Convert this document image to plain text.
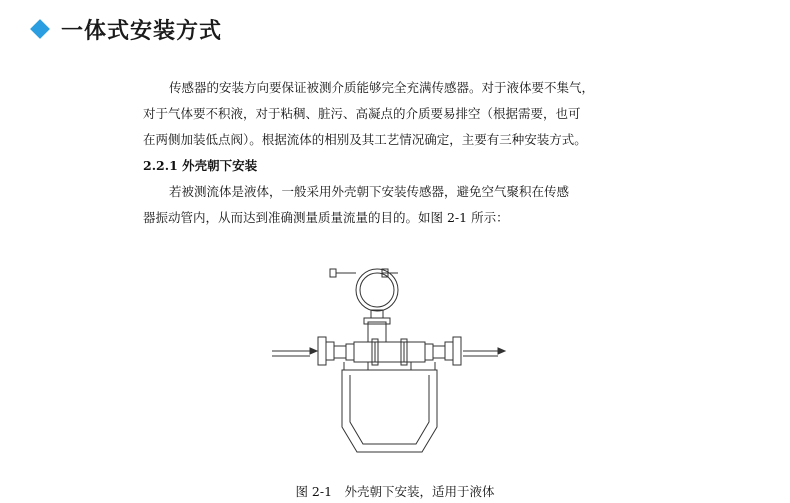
一体式安装方式

传感器的安装方向要保证被测介质能够完全充满传感器。对于液体要不集气，

对于气体要不积液，对于粘稠、脏污、高凝点的介质要易排空（根据需要，也可

在两侧加装低点阀）。根据流体的相别及其工艺情况确定，主要有三种安装方式。

2.2.1 外壳朝下安装

若被测流体是液体，一般采用外壳朝下安装传感器，避免空气聚积在传感

器振动管内，从而达到准确测量质量流量的目的。如图 2-1 所示：

图 2-1　外壳朝下安装，适用于液体
